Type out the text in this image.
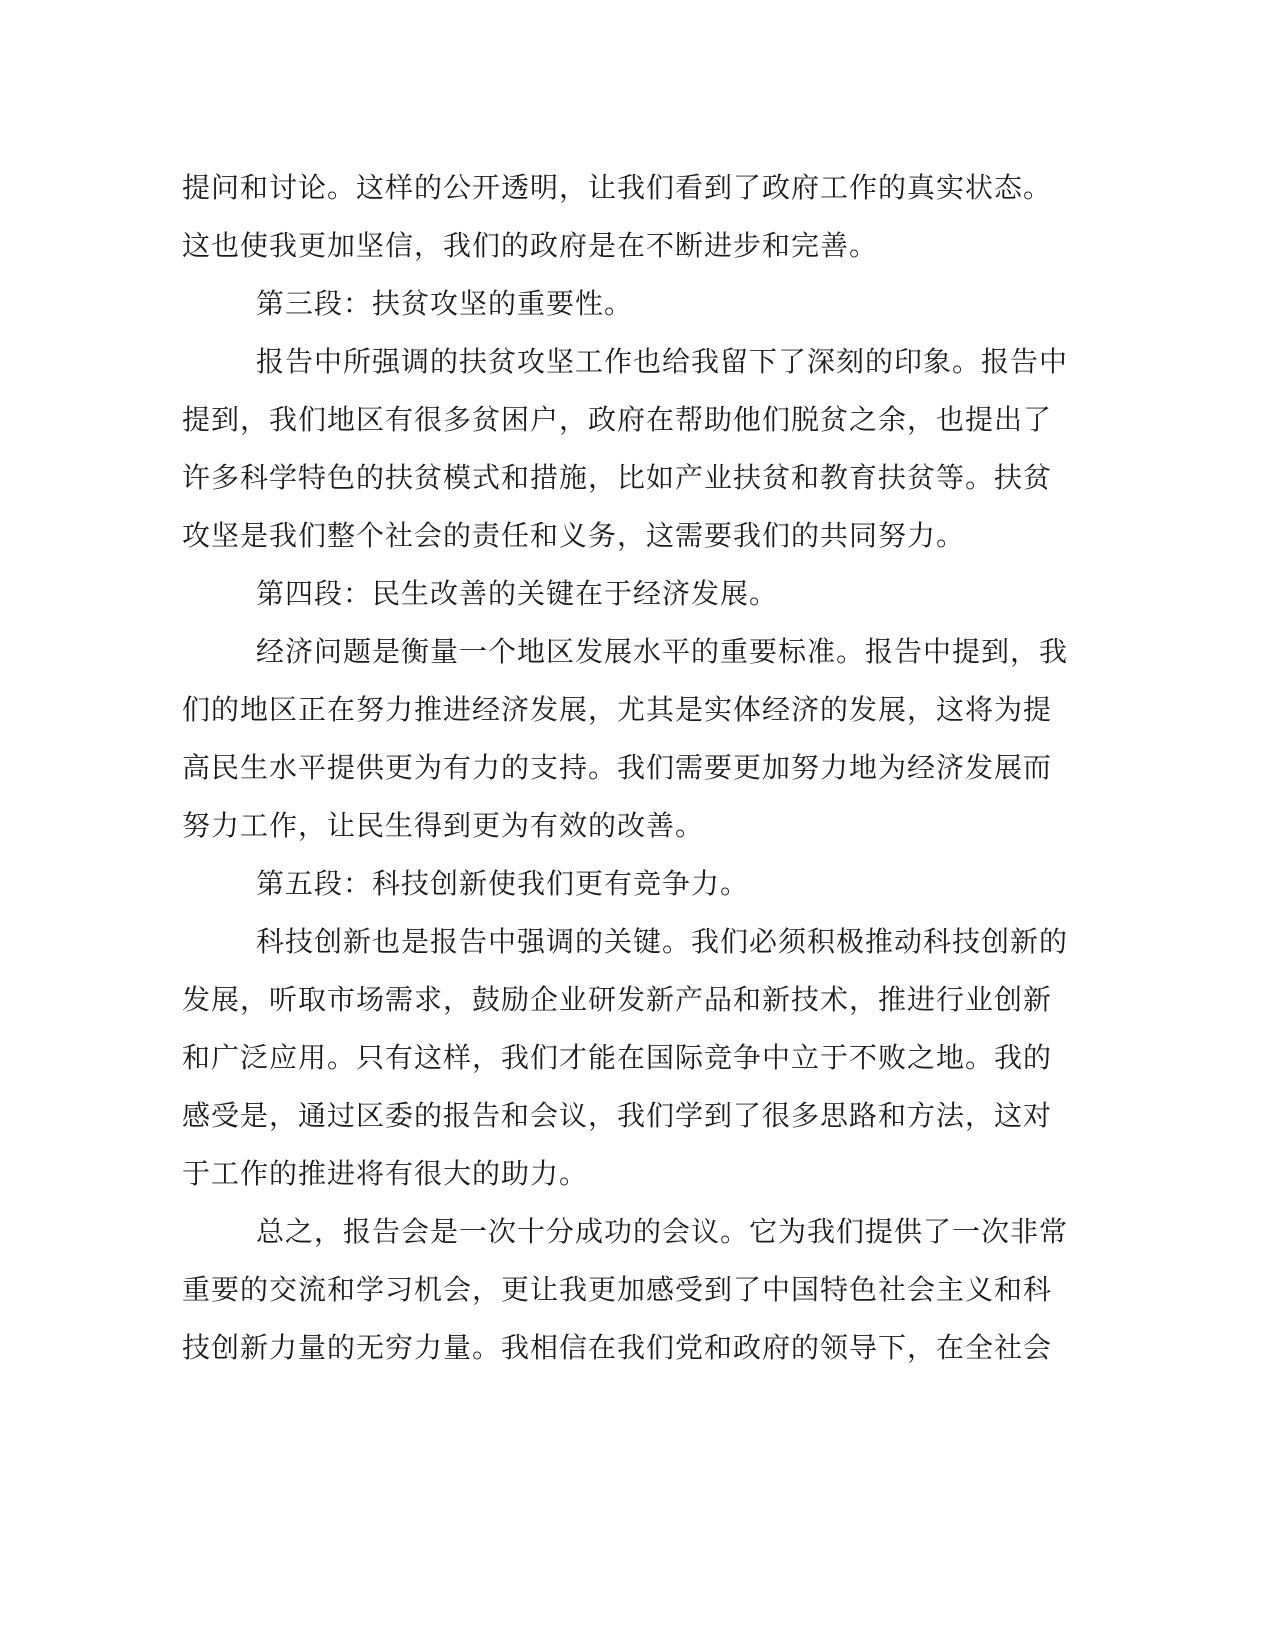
提问和讨论。这样的公开透明，让我们看到了政府工作的真实状态。
这也使我更加坚信，我们的政府是在不断进步和完善。
第三段：扶贫攻坚的重要性。
报告中所强调的扶贫攻坚工作也给我留下了深刻的印象。报告中
提到，我们地区有很多贫困户，政府在帮助他们脱贫之余，也提出了
许多科学特色的扶贫模式和措施，比如产业扶贫和教育扶贫等。扶贫
攻坚是我们整个社会的责任和义务，这需要我们的共同努力。
第四段：民生改善的关键在于经济发展。
经济问题是衡量一个地区发展水平的重要标准。报告中提到，我
们的地区正在努力推进经济发展，尤其是实体经济的发展，这将为提
高民生水平提供更为有力的支持。我们需要更加努力地为经济发展而
努力工作，让民生得到更为有效的改善。
第五段：科技创新使我们更有竞争力。
科技创新也是报告中强调的关键。我们必须积极推动科技创新的
发展，听取市场需求，鼓励企业研发新产品和新技术，推进行业创新
和广泛应用。只有这样，我们才能在国际竞争中立于不败之地。我的
感受是，通过区委的报告和会议，我们学到了很多思路和方法，这对
于工作的推进将有很大的助力。
总之，报告会是一次十分成功的会议。它为我们提供了一次非常
重要的交流和学习机会，更让我更加感受到了中国特色社会主义和科
技创新力量的无穷力量。我相信在我们党和政府的领导下，在全社会
